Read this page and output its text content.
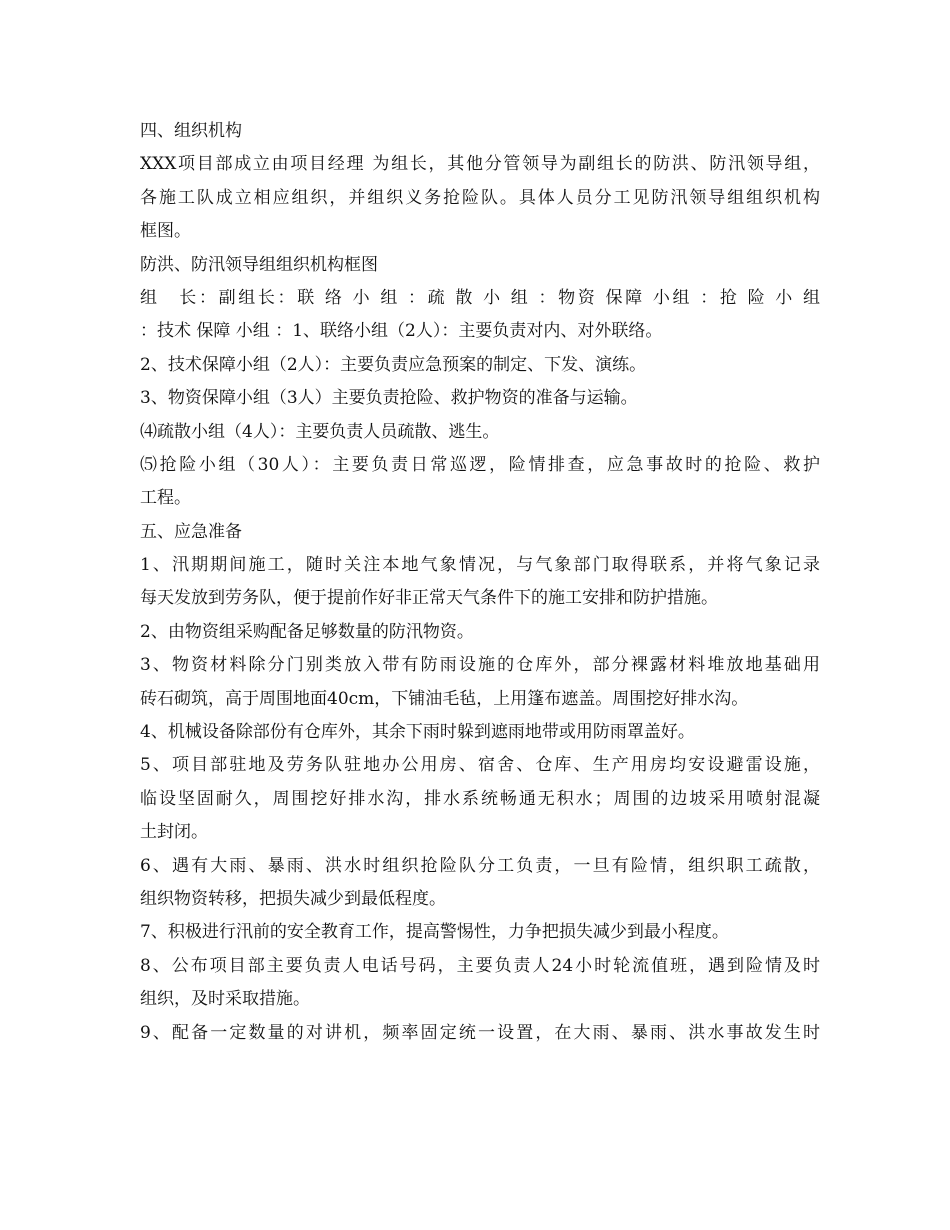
四、组织机构
XXX项目部成立由项目经理 为组长，其他分管领导为副组长的防洪、防汛领导组，
各施工队成立相应组织，并组织义务抢险队。具体人员分工见防汛领导组组织机构
框图。
防洪、防汛领导组组织机构框图
组　长：副组长：联 络 小 组 ：疏 散 小 组 ：物资 保障 小组 ：抢 险 小 组
：技术 保障 小组 ：1、联络小组（2人）：主要负责对内、对外联络。
2、技术保障小组（2人）：主要负责应急预案的制定、下发、演练。
3、物资保障小组（3人）主要负责抢险、救护物资的准备与运输。
⑷疏散小组（4人）：主要负责人员疏散、逃生。
⑸抢险小组（30人）：主要负责日常巡逻，险情排查，应急事故时的抢险、救护
工程。
五、应急准备
1、汛期期间施工，随时关注本地气象情况，与气象部门取得联系，并将气象记录
每天发放到劳务队，便于提前作好非正常天气条件下的施工安排和防护措施。
2、由物资组采购配备足够数量的防汛物资。
3、物资材料除分门别类放入带有防雨设施的仓库外，部分裸露材料堆放地基础用
砖石砌筑，高于周围地面40cm，下铺油毛毡，上用篷布遮盖。周围挖好排水沟。
4、机械设备除部份有仓库外，其余下雨时躲到遮雨地带或用防雨罩盖好。
5、项目部驻地及劳务队驻地办公用房、宿舍、仓库、生产用房均安设避雷设施，
临设坚固耐久，周围挖好排水沟，排水系统畅通无积水；周围的边坡采用喷射混凝
土封闭。
6、遇有大雨、暴雨、洪水时组织抢险队分工负责，一旦有险情，组织职工疏散，
组织物资转移，把损失减少到最低程度。
7、积极进行汛前的安全教育工作，提高警惕性，力争把损失减少到最小程度。
8、公布项目部主要负责人电话号码，主要负责人24小时轮流值班，遇到险情及时
组织，及时采取措施。
9、配备一定数量的对讲机，频率固定统一设置，在大雨、暴雨、洪水事故发生时
